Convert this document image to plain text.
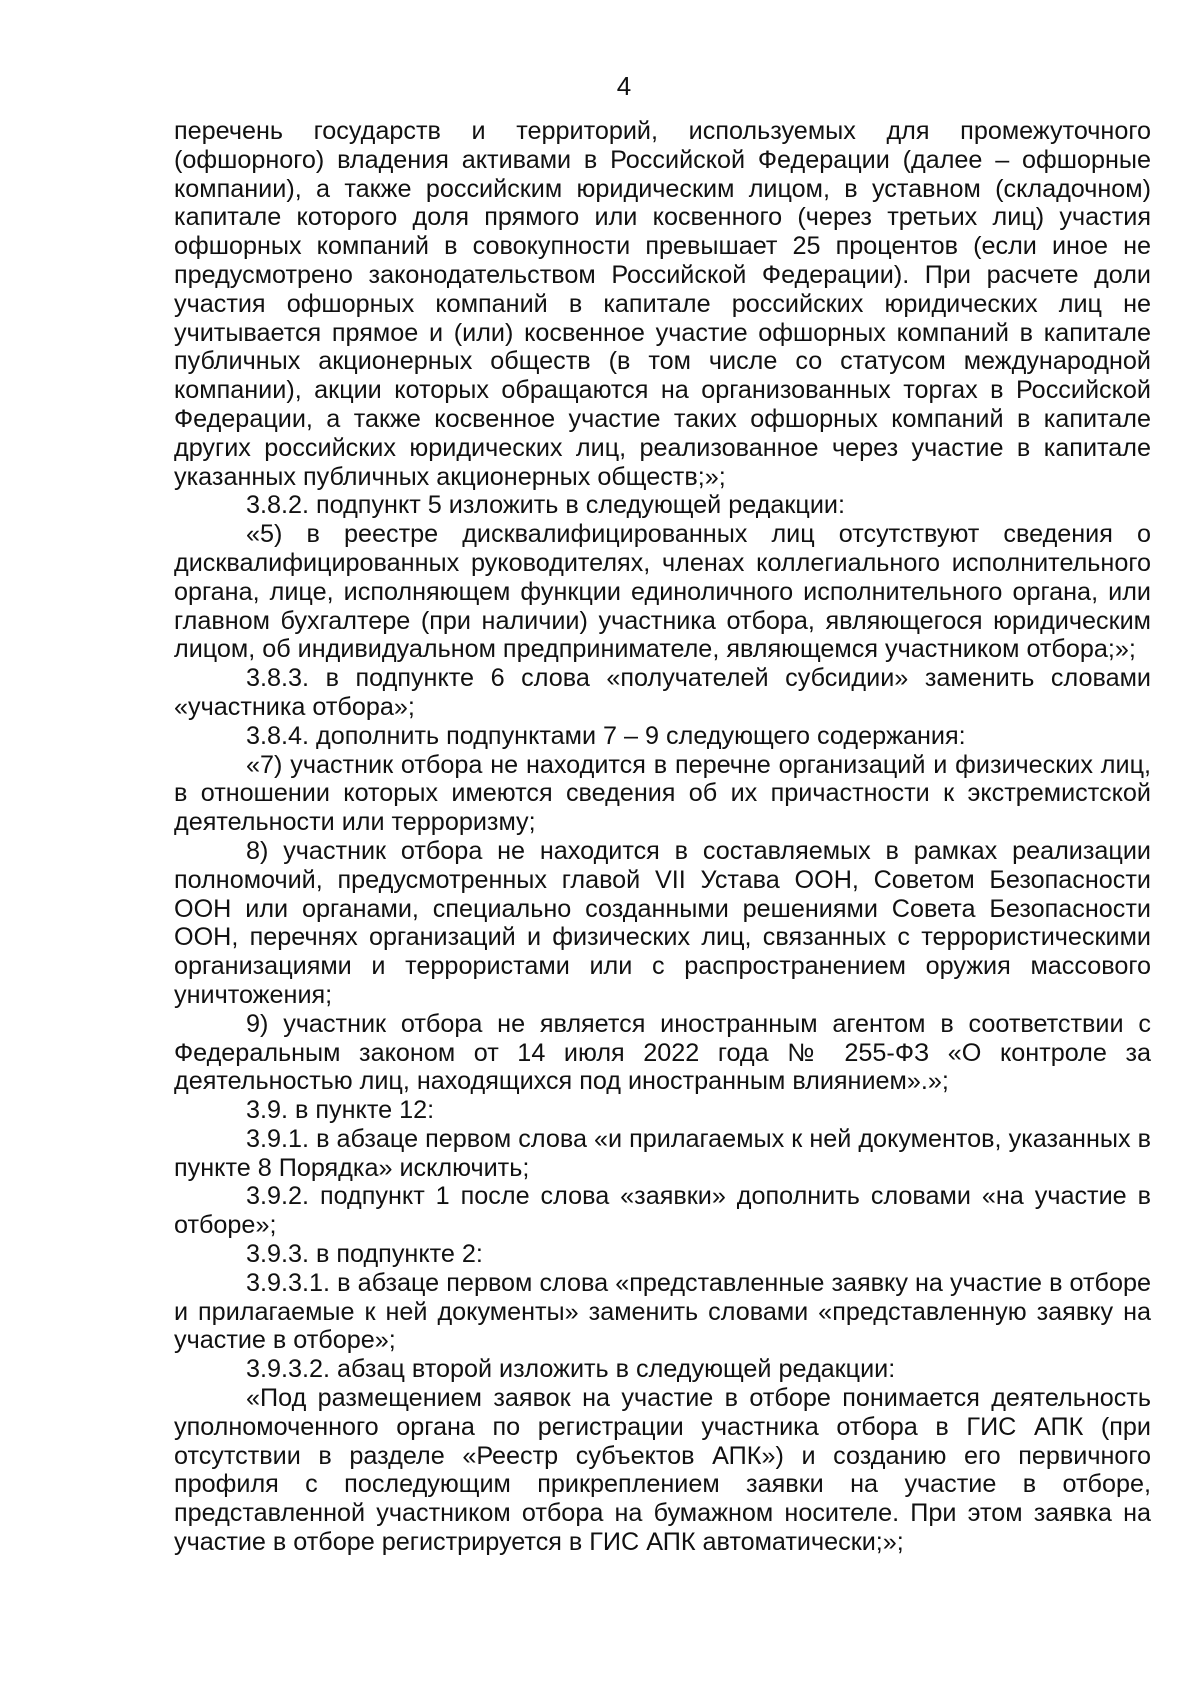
4

перечень государств и территорий, используемых для промежуточного (офшорного) владения активами в Российской Федерации (далее – офшорные компании), а также российским юридическим лицом, в уставном (складочном) капитале которого доля прямого или косвенного (через третьих лиц) участия офшорных компаний в совокупности превышает 25 процентов (если иное не предусмотрено законодательством Российской Федерации). При расчете доли участия офшорных компаний в капитале российских юридических лиц не учитывается прямое и (или) косвенное участие офшорных компаний в капитале публичных акционерных обществ (в том числе со статусом международной компании), акции которых обращаются на организованных торгах в Российской Федерации, а также косвенное участие таких офшорных компаний в капитале других российских юридических лиц, реализованное через участие в капитале указанных публичных акционерных обществ;»;

3.8.2. подпункт 5 изложить в следующей редакции:

«5) в реестре дисквалифицированных лиц отсутствуют сведения о дисквалифицированных руководителях, членах коллегиального исполнительного органа, лице, исполняющем функции единоличного исполнительного органа, или главном бухгалтере (при наличии) участника отбора, являющегося юридическим лицом, об индивидуальном предпринимателе, являющемся участником отбора;»;

3.8.3. в подпункте 6 слова «получателей субсидии» заменить словами «участника отбора»;

3.8.4. дополнить подпунктами 7 – 9 следующего содержания:

«7) участник отбора не находится в перечне организаций и физических лиц, в отношении которых имеются сведения об их причастности к экстремистской деятельности или терроризму;

8) участник отбора не находится в составляемых в рамках реализации полномочий, предусмотренных главой VII Устава ООН, Советом Безопасности ООН или органами, специально созданными решениями Совета Безопасности ООН, перечнях организаций и физических лиц, связанных с террористическими организациями и террористами или с распространением оружия массового уничтожения;

9) участник отбора не является иностранным агентом в соответствии с Федеральным законом от 14 июля 2022 года № 255-ФЗ «О контроле за деятельностью лиц, находящихся под иностранным влиянием».»;

3.9. в пункте 12:

3.9.1. в абзаце первом слова «и прилагаемых к ней документов, указанных в пункте 8 Порядка» исключить;

3.9.2. подпункт 1 после слова «заявки» дополнить словами «на участие в отборе»;

3.9.3. в подпункте 2:

3.9.3.1. в абзаце первом слова «представленные заявку на участие в отборе и прилагаемые к ней документы» заменить словами «представленную заявку на участие в отборе»;

3.9.3.2. абзац второй изложить в следующей редакции:

«Под размещением заявок на участие в отборе понимается деятельность уполномоченного органа по регистрации участника отбора в ГИС АПК (при отсутствии в разделе «Реестр субъектов АПК») и созданию его первичного профиля с последующим прикреплением заявки на участие в отборе, представленной участником отбора на бумажном носителе. При этом заявка на участие в отборе регистрируется в ГИС АПК автоматически;»;
